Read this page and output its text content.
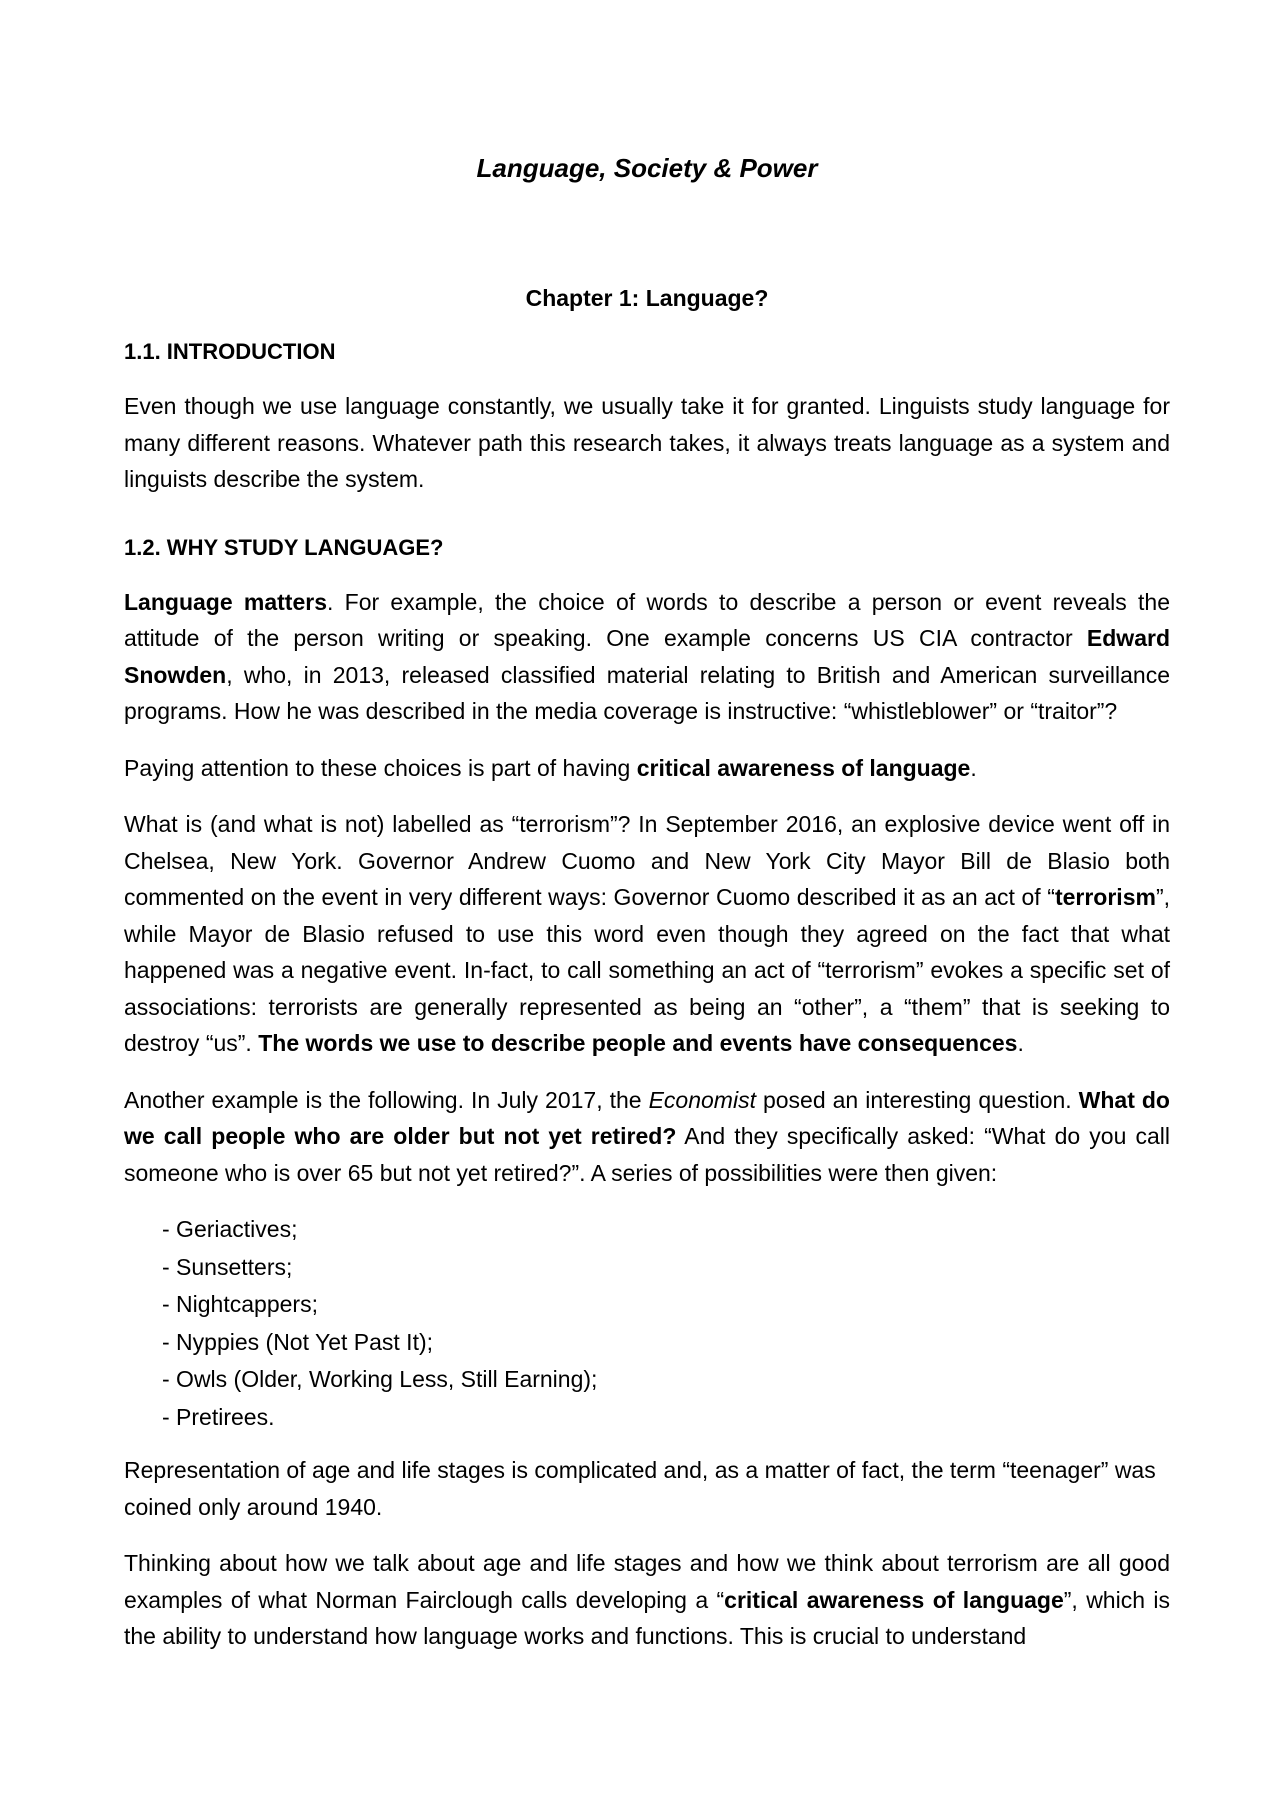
Language, Society & Power
Chapter 1: Language?
1.1. INTRODUCTION

Even though we use language constantly, we usually take it for granted. Linguists study language for many different reasons. Whatever path this research takes, it always treats language as a system and linguists describe the system.

1.2. WHY STUDY LANGUAGE?

Language matters. For example, the choice of words to describe a person or event reveals the attitude of the person writing or speaking. One example concerns US CIA contractor Edward Snowden, who, in 2013, released classified material relating to British and American surveillance programs. How he was described in the media coverage is instructive: “whistleblower” or “traitor”?

Paying attention to these choices is part of having critical awareness of language.

What is (and what is not) labelled as “terrorism”? In September 2016, an explosive device went off in Chelsea, New York. Governor Andrew Cuomo and New York City Mayor Bill de Blasio both commented on the event in very different ways: Governor Cuomo described it as an act of “terrorism”, while Mayor de Blasio refused to use this word even though they agreed on the fact that what happened was a negative event. In-fact, to call something an act of “terrorism” evokes a specific set of associations: terrorists are generally represented as being an “other”, a “them” that is seeking to destroy “us”. The words we use to describe people and events have consequences.

Another example is the following. In July 2017, the Economist posed an interesting question. What do we call people who are older but not yet retired? And they specifically asked: “What do you call someone who is over 65 but not yet retired?”. A series of possibilities were then given:

- Geriactives;
- Sunsetters;
- Nightcappers;
- Nyppies (Not Yet Past It);
- Owls (Older, Working Less, Still Earning);
- Pretirees.

Representation of age and life stages is complicated and, as a matter of fact, the term “teenager” was coined only around 1940.

Thinking about how we talk about age and life stages and how we think about terrorism are all good examples of what Norman Fairclough calls developing a “critical awareness of language”, which is the ability to understand how language works and functions. This is crucial to understand
